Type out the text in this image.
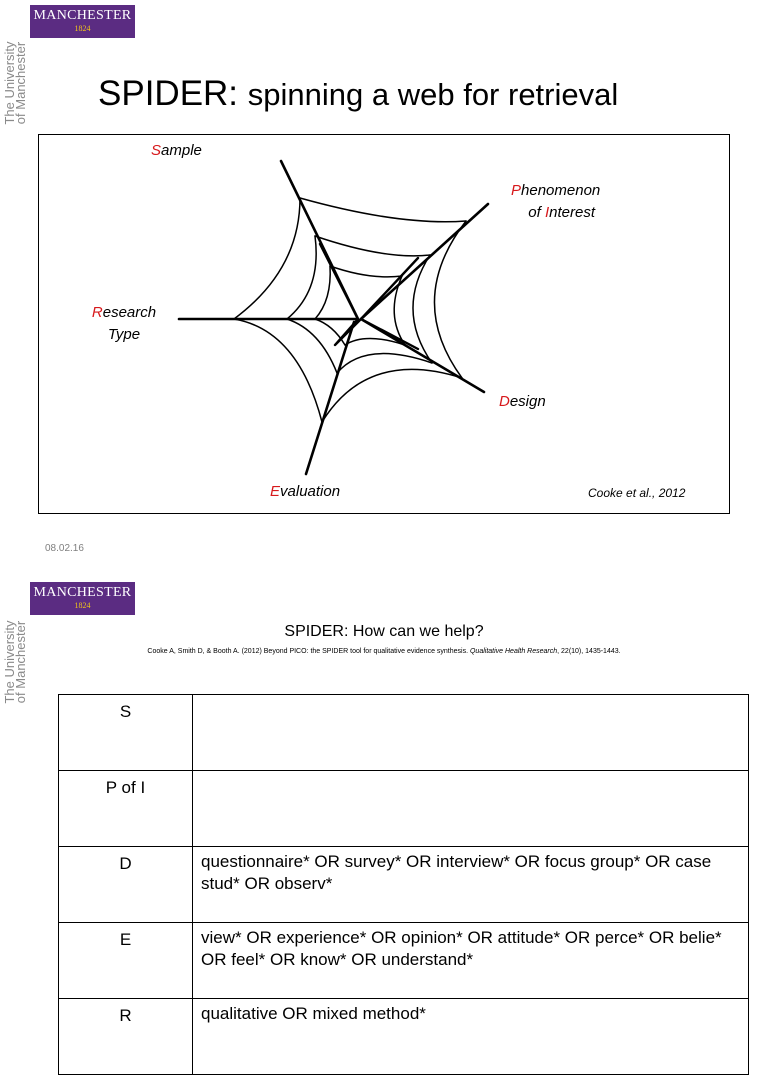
MANCHESTER
1824
The University
of Manchester SPIDER: spinning a web for retrieval
Sample
Phenomenon
of Interest
Research
Type
Design
Evaluation	Cooke et al., 2012
08.02.16
MANCHESTER
1824
The University
of Manchester	SPIDER: How can we help?
Cooke A, Smith D, & Booth A. (2012) Beyond PICO: the SPIDER tool for qualitative evidence synthesis. Qualitative Health Research, 22(10), 1435-1443.
S	
P of I	
D	questionnaire* OR survey* OR interview* OR focus group* OR case stud* OR observ*
E	view* OR experience* OR opinion* OR attitude* OR perce* OR belie* OR feel* OR know* OR understand*
R	qualitative OR mixed method*
